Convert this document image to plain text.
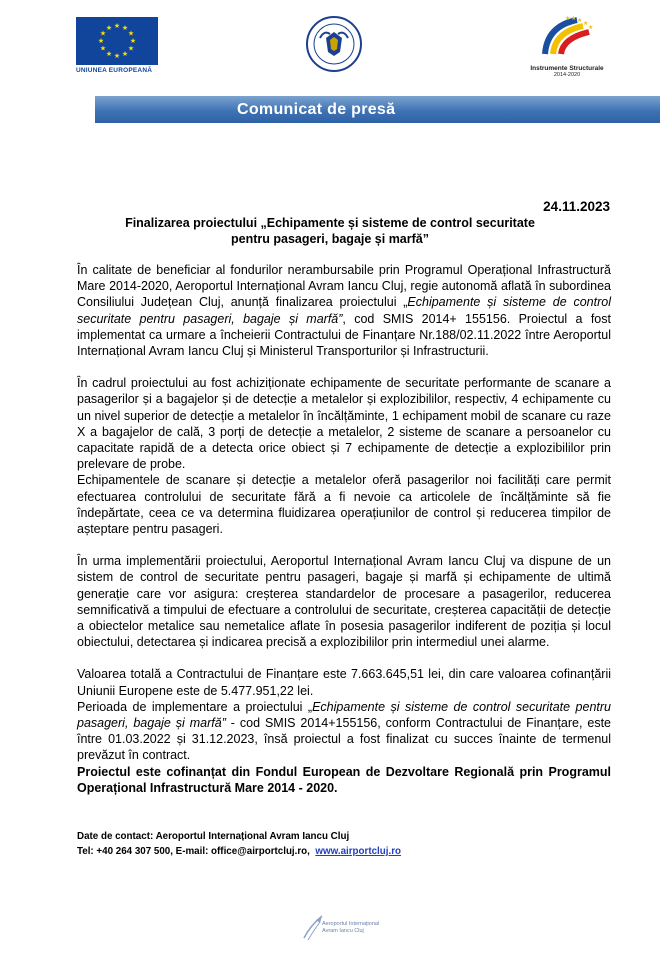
★ ★
★
★
★
★
★
★
★
★
★
★
UNIUNEA EUROPEANĂ
★ ★
★
★
★
Instrumente Structurale
2014-2020
Comunicat de presă
24.11.2023
Finalizarea proiectului „Echipamente și sisteme de control securitate
pentru pasageri, bagaje și marfă”

În calitate de beneficiar al fondurilor nerambursabile prin Programul Operațional Infrastructură Mare 2014-2020, Aeroportul Internațional Avram Iancu Cluj, regie autonomă aflată în subordinea Consiliului Județean Cluj, anunță finalizarea proiectului „Echipamente și sisteme de control securitate pentru pasageri, bagaje și marfă”, cod SMIS 2014+ 155156. Proiectul a fost implementat ca urmare a încheierii Contractului de Finanțare Nr.188/02.11.2022 între Aeroportul Internațional Avram Iancu Cluj și Ministerul Transporturilor și Infrastructurii.

În cadrul proiectului au fost achiziționate echipamente de securitate performante de scanare a pasagerilor și a bagajelor și de detecție a metalelor și explozibililor, respectiv, 4 echipamente cu un nivel superior de detecție a metalelor în încălțăminte, 1 echipament mobil de scanare cu raze X a bagajelor de cală, 3 porți de detecție a metalelor, 2 sisteme de scanare a persoanelor cu capacitate rapidă de a detecta orice obiect și 7 echipamente de detecție a explozibililor prin prelevare de probe.

Echipamentele de scanare și detecție a metalelor oferă pasagerilor noi facilități care permit efectuarea controlului de securitate fără a fi nevoie ca articolele de încălțăminte să fie îndepărtate, ceea ce va determina fluidizarea operațiunilor de control și reducerea timpilor de așteptare pentru pasageri.

În urma implementării proiectului, Aeroportul Internațional Avram Iancu Cluj va dispune de un sistem de control de securitate pentru pasageri, bagaje și marfă și echipamente de ultimă generație care vor asigura: creșterea standardelor de procesare a pasagerilor, reducerea semnificativă a timpului de efectuare a controlului de securitate, creșterea capacității de detecție a obiectelor metalice sau nemetalice aflate în posesia pasagerilor indiferent de poziția și locul obiectului, detectarea și indicarea precisă a explozibililor prin intermediul unei alarme.

Valoarea totală a Contractului de Finanțare este 7.663.645,51 lei, din care valoarea cofinanțării Uniunii Europene este de 5.477.951,22 lei.

Perioada de implementare a proiectului „Echipamente și sisteme de control securitate pentru pasageri, bagaje și marfă” - cod SMIS 2014+155156, conform Contractului de Finanțare, este între 01.03.2022 și 31.12.2023, însă proiectul a fost finalizat cu succes înainte de termenul prevăzut în contract.

Proiectul este cofinanțat din Fondul European de Dezvoltare Regională prin Programul Operațional Infrastructură Mare 2014 - 2020.

Date de contact: Aeroportul Internațional Avram Iancu Cluj
Tel: +40 264 307 500, E-mail: office@airportcluj.ro, www.airportcluj.ro
Aeroportul Internațional
Avram Iancu Cluj
